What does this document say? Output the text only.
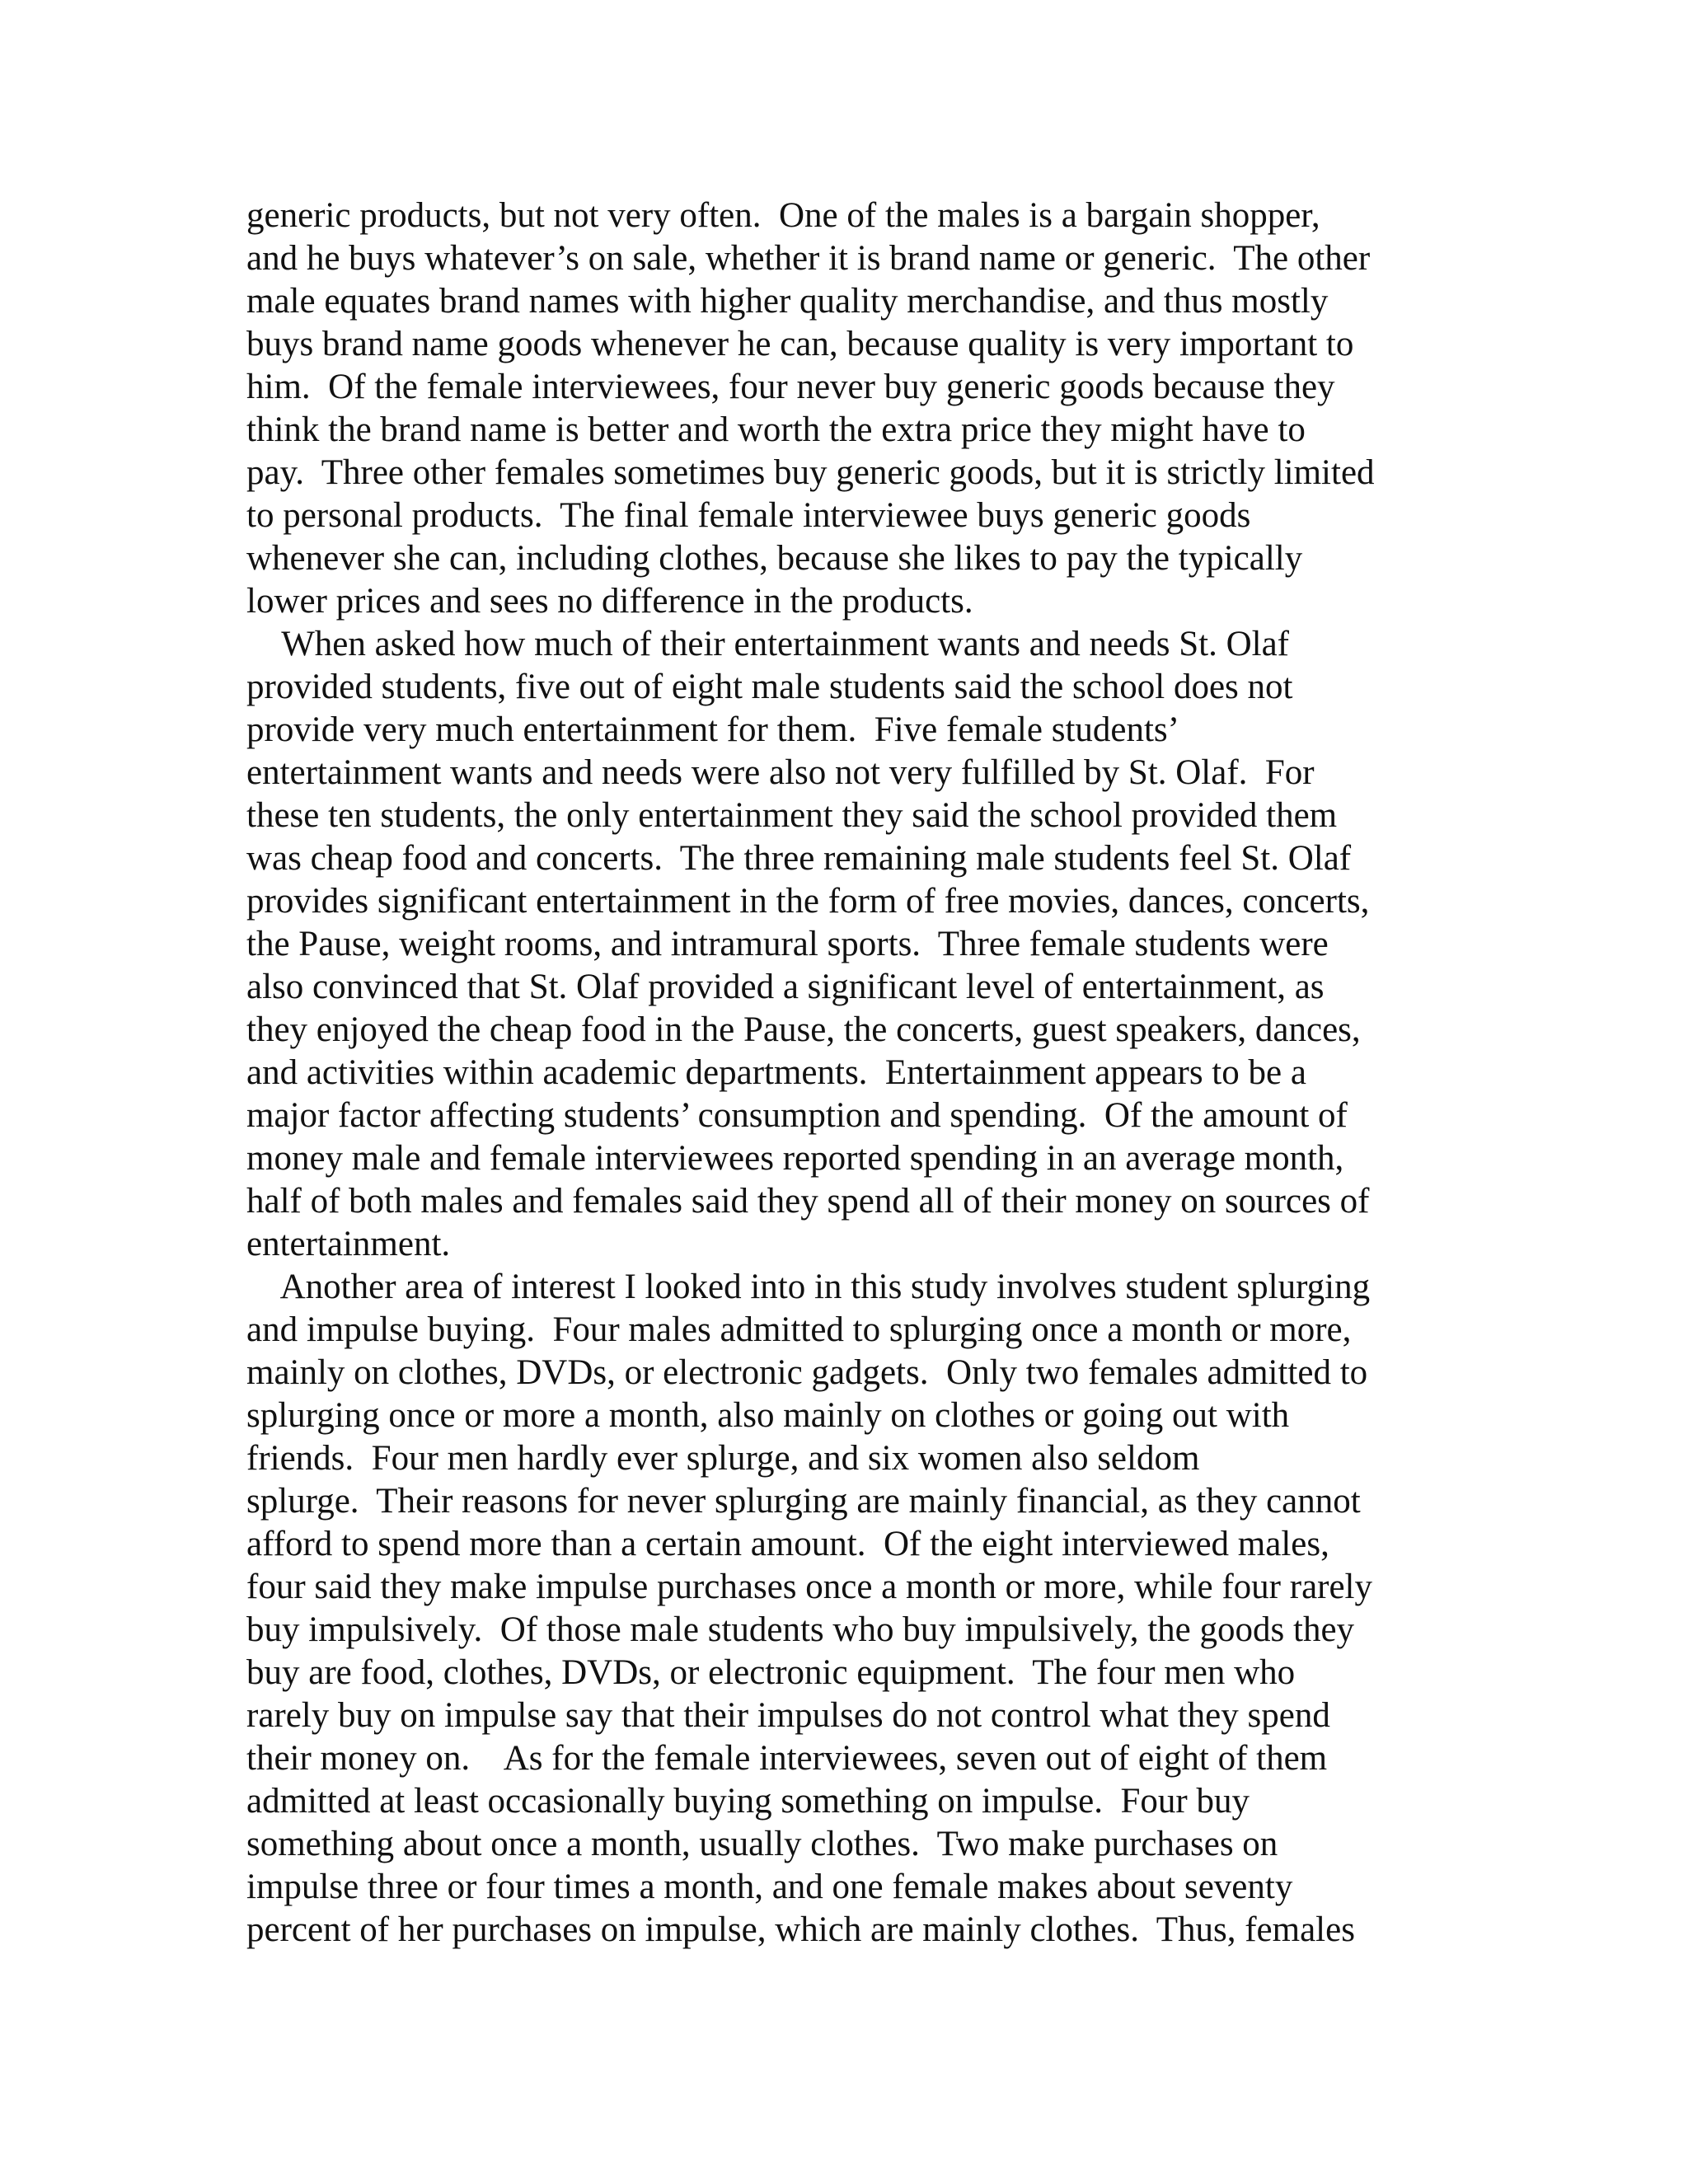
generic products, but not very often.  One of the males is a bargain shopper,
and he buys whatever’s on sale, whether it is brand name or generic.  The other
male equates brand names with higher quality merchandise, and thus mostly
buys brand name goods whenever he can, because quality is very important to
him.  Of the female interviewees, four never buy generic goods because they
think the brand name is better and worth the extra price they might have to
pay.  Three other females sometimes buy generic goods, but it is strictly limited
to personal products.  The final female interviewee buys generic goods
whenever she can, including clothes, because she likes to pay the typically
lower prices and sees no difference in the products.
When asked how much of their entertainment wants and needs St. Olaf
provided students, five out of eight male students said the school does not
provide very much entertainment for them.  Five female students’
entertainment wants and needs were also not very fulfilled by St. Olaf.  For
these ten students, the only entertainment they said the school provided them
was cheap food and concerts.  The three remaining male students feel St. Olaf
provides significant entertainment in the form of free movies, dances, concerts,
the Pause, weight rooms, and intramural sports.  Three female students were
also convinced that St. Olaf provided a significant level of entertainment, as
they enjoyed the cheap food in the Pause, the concerts, guest speakers, dances,
and activities within academic departments.  Entertainment appears to be a
major factor affecting students’ consumption and spending.  Of the amount of
money male and female interviewees reported spending in an average month,
half of both males and females said they spend all of their money on sources of
entertainment.
Another area of interest I looked into in this study involves student splurging
and impulse buying.  Four males admitted to splurging once a month or more,
mainly on clothes, DVDs, or electronic gadgets.  Only two females admitted to
splurging once or more a month, also mainly on clothes or going out with
friends.  Four men hardly ever splurge, and six women also seldom
splurge.  Their reasons for never splurging are mainly financial, as they cannot
afford to spend more than a certain amount.  Of the eight interviewed males,
four said they make impulse purchases once a month or more, while four rarely
buy impulsively.  Of those male students who buy impulsively, the goods they
buy are food, clothes, DVDs, or electronic equipment.  The four men who
rarely buy on impulse say that their impulses do not control what they spend
their money on.    As for the female interviewees, seven out of eight of them
admitted at least occasionally buying something on impulse.  Four buy
something about once a month, usually clothes.  Two make purchases on
impulse three or four times a month, and one female makes about seventy
percent of her purchases on impulse, which are mainly clothes.  Thus, females
